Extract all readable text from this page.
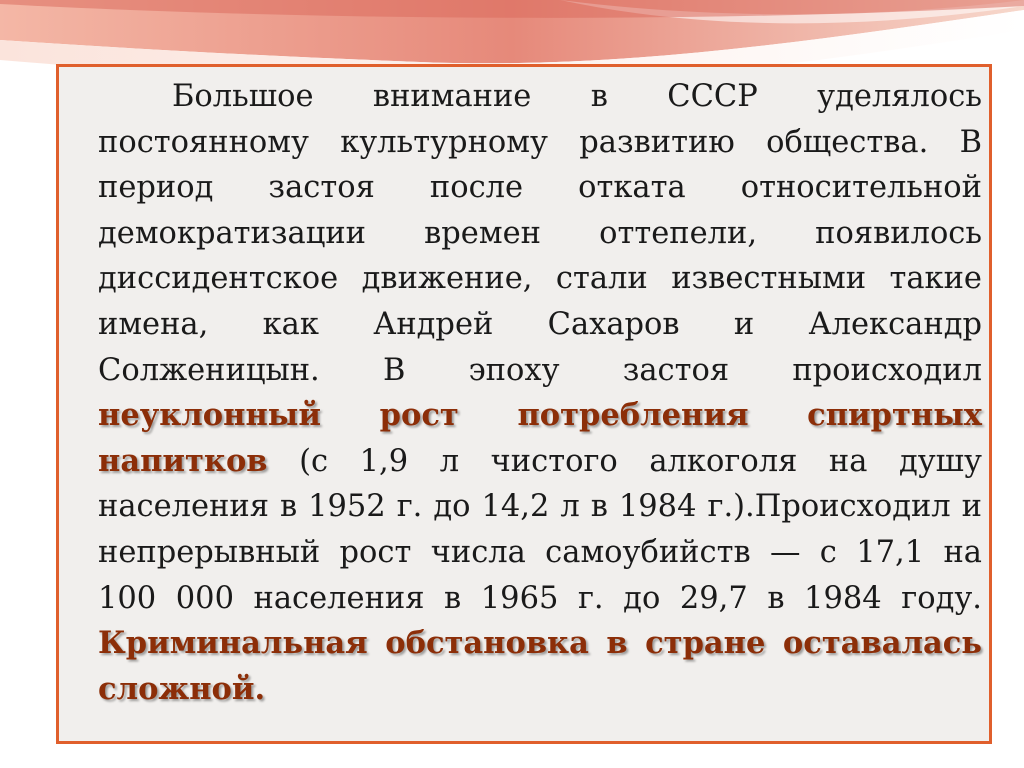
Большое внимание в СССР уделялось постоянному культурному развитию общества. В период застоя после отката относительной демократизации времен оттепели, появилось диссидентское движение, стали известными такие имена, как Андрей Сахаров и Александр Солженицын. В эпоху застоя происходил неуклонный рост потребления спиртных напитков (с 1,9 л чистого алкоголя на душу населения в 1952 г. до 14,2 л в 1984 г.).Происходил и непрерывный рост числа самоубийств — с 17,1 на 100 000 населения в 1965 г. до 29,7 в 1984 году. Криминальная обстановка в стране оставалась сложной.
